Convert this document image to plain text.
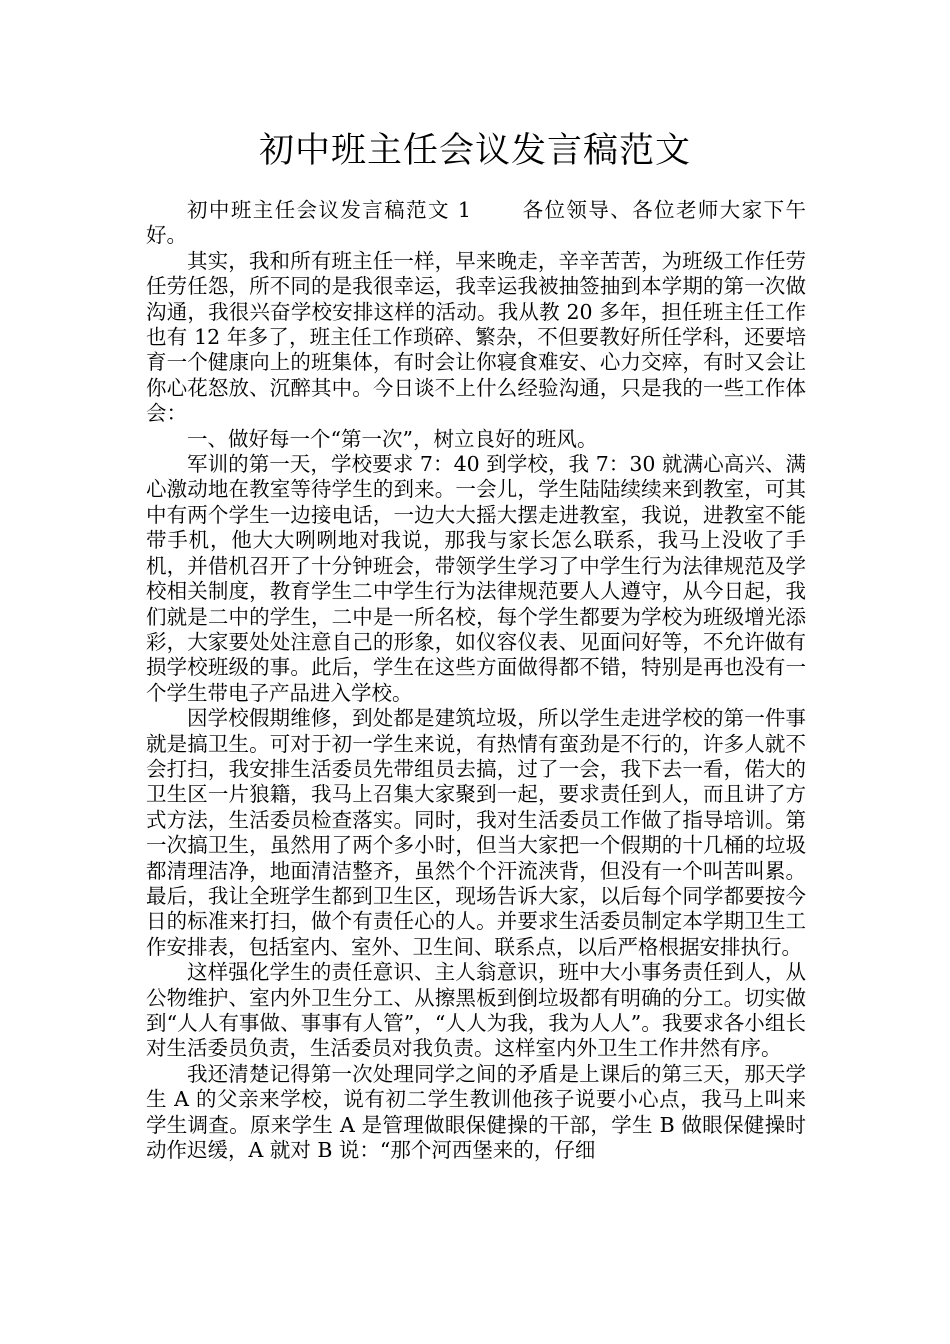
初中班主任会议发言稿范文

初中班主任会议发言稿范文 1 　　各位领导、各位老师大家下午好。

其实，我和所有班主任一样，早来晚走，辛辛苦苦，为班级工作任劳任劳任怨，所不同的是我很幸运，我幸运我被抽签抽到本学期的第一次做沟通，我很兴奋学校安排这样的活动。我从教 20 多年，担任班主任工作也有 12 年多了，班主任工作琐碎、繁杂，不但要教好所任学科，还要培育一个健康向上的班集体，有时会让你寝食难安、心力交瘁，有时又会让你心花怒放、沉醉其中。今日谈不上什么经验沟通，只是我的一些工作体会：

一、做好每一个“第一次”，树立良好的班风。

军训的第一天，学校要求 7：40 到学校，我 7：30 就满心高兴、满心激动地在教室等待学生的到来。一会儿，学生陆陆续续来到教室，可其中有两个学生一边接电话，一边大大摇大摆走进教室，我说，进教室不能带手机，他大大咧咧地对我说，那我与家长怎么联系，我马上没收了手机，并借机召开了十分钟班会，带领学生学习了中学生行为法律规范及学校相关制度，教育学生二中学生行为法律规范要人人遵守，从今日起，我们就是二中的学生，二中是一所名校，每个学生都要为学校为班级增光添彩，大家要处处注意自己的形象，如仪容仪表、见面问好等，不允许做有损学校班级的事。此后，学生在这些方面做得都不错，特别是再也没有一个学生带电子产品进入学校。

因学校假期维修，到处都是建筑垃圾，所以学生走进学校的第一件事就是搞卫生。可对于初一学生来说，有热情有蛮劲是不行的，许多人就不会打扫，我安排生活委员先带组员去搞，过了一会，我下去一看，偌大的卫生区一片狼籍，我马上召集大家聚到一起，要求责任到人，而且讲了方式方法，生活委员检查落实。同时，我对生活委员工作做了指导培训。第一次搞卫生，虽然用了两个多小时，但当大家把一个假期的十几桶的垃圾都清理洁净，地面清洁整齐，虽然个个汗流浃背，但没有一个叫苦叫累。最后，我让全班学生都到卫生区，现场告诉大家，以后每个同学都要按今日的标准来打扫，做个有责任心的人。并要求生活委员制定本学期卫生工作安排表，包括室内、室外、卫生间、联系点，以后严格根据安排执行。

这样强化学生的责任意识、主人翁意识，班中大小事务责任到人，从公物维护、室内外卫生分工、从擦黑板到倒垃圾都有明确的分工。切实做到“人人有事做、事事有人管”，“人人为我，我为人人”。我要求各小组长对生活委员负责，生活委员对我负责。这样室内外卫生工作井然有序。

我还清楚记得第一次处理同学之间的矛盾是上课后的第三天，那天学生 A 的父亲来学校，说有初二学生教训他孩子说要小心点，我马上叫来学生调查。原来学生 A 是管理做眼保健操的干部，学生 B 做眼保健操时动作迟缓，A 就对 B 说：“那个河西堡来的，仔细
